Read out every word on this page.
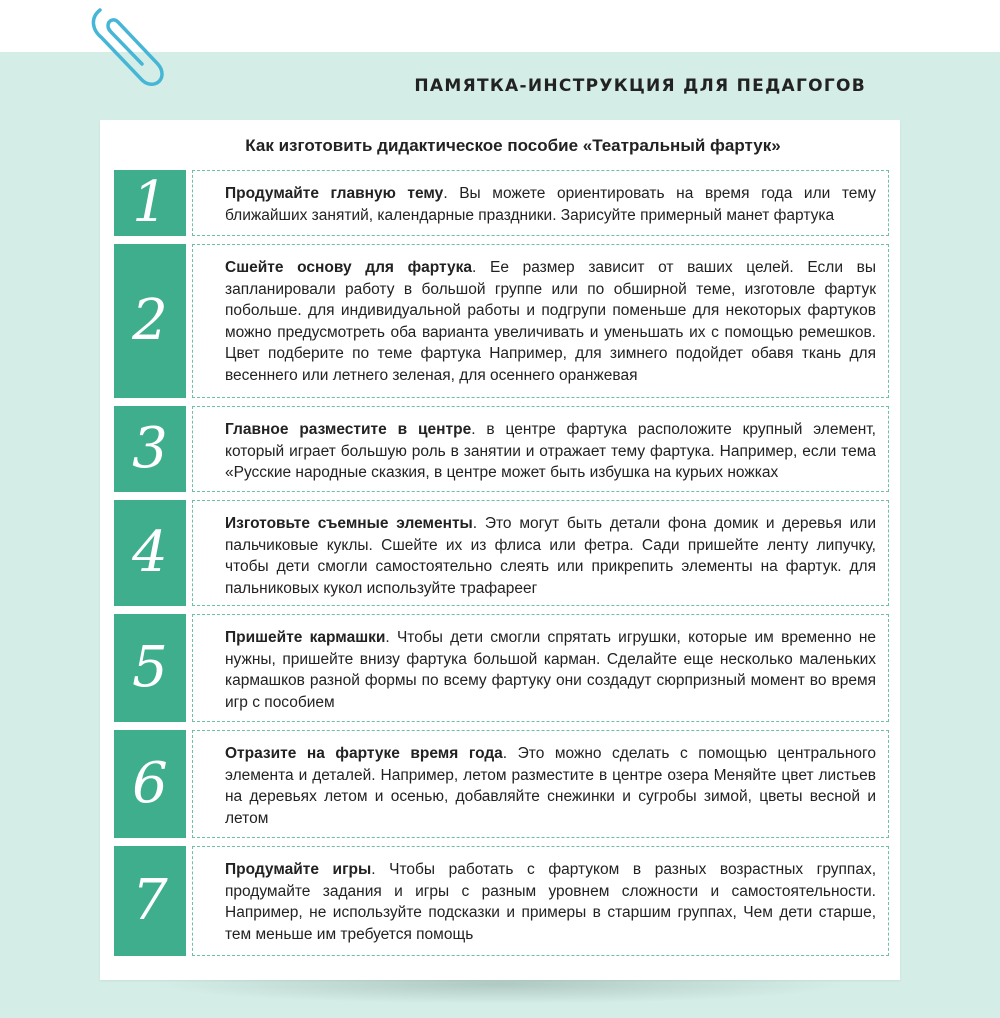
ПАМЯТКА-ИНСТРУКЦИЯ ДЛЯ ПЕДАГОГОВ
Как изготовить дидактическое пособие «Театральный фартук»
1	Продумайте главную тему. Вы можете ориентировать на время года или тему ближайших занятий, календарные праздники. Зарисуйте примерный манет фартука
2
Сшейте основу для фартука. Ее размер зависит от ваших целей. Если вы запланировали работу в большой группе или по обширной теме, изготовле фартук побольше. для индивидуальной работы и подгрупи поменьше для некоторых фартуков можно предусмотреть оба варианта увеличивать и уменьшать их с помощью ремешков. Цвет подберите по теме фартука Например, для зимнего подойдет обавя ткань для весеннего или летнего зеленая, для осеннего оранжевая
3	Главное разместите в центре. в центре фартука расположите крупный элемент, который играет большую роль в занятии и отражает тему фартука. Например, если тема «Русские народные сказкия, в центре может быть избушка на курьих ножках
4	Изготовьте съемные элементы. Это могут быть детали фона домик и деревья или пальчиковые куклы. Сшейте их из флиса или фетра. Сади пришейте ленту липучку, чтобы дети смогли самостоятельно слеять или прикрепить элементы на фартук. для пальниковых кукол используйте трафареег
5	Пришейте кармашки. Чтобы дети смогли спрятать игрушки, которые им временно не нужны, пришейте внизу фартука большой карман. Сделайте еще несколько маленьких кармашков разной формы по всему фартуку они создадут сюрпризный момент во время игр с пособием
6	Отразите на фартуке время года. Это можно сделать с помощью центрального элемента и деталей. Например, летом разместите в центре озера Меняйте цвет листьев на деревьях летом и осенью, добавляйте снежинки и сугробы зимой, цветы весной и летом
7	Продумайте игры. Чтобы работать с фартуком в разных возрастных группах, продумайте задания и игры с разным уровнем сложности и самостоятельности. Например, не используйте подсказки и примеры в старшим группах, Чем дети старше, тем меньше им требуется помощь
